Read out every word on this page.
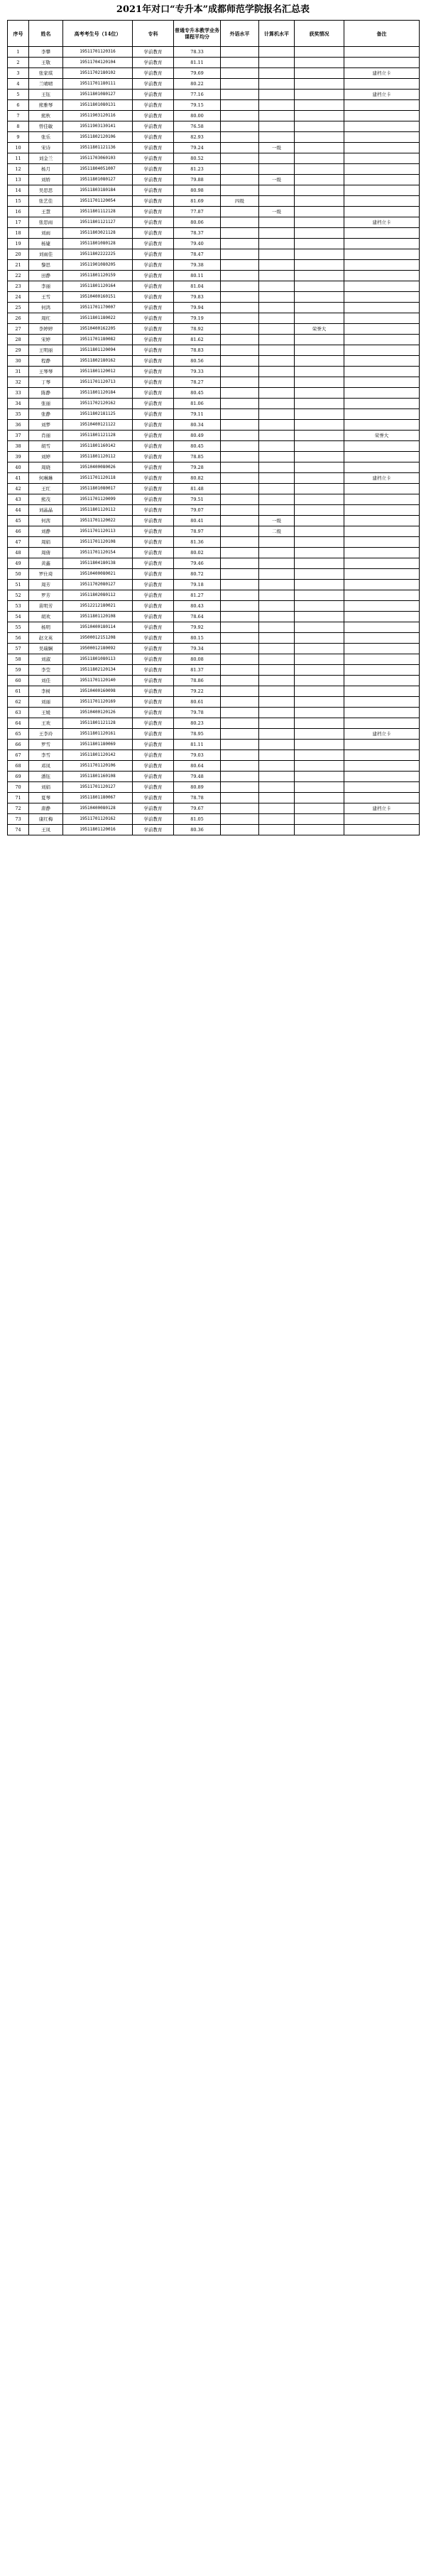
2021年对口“专升本”成都师范学院报名汇总表
序号	姓名	高考考生号（14位）	专科	普通专升本教学业务课程平均分	外语水平	计算机水平	获奖情况	备注
1	李攀	19511701120316	学前教育	78.33				
2	王敬	19511704120104	学前教育	81.11				
3	张家琪	19511702180102	学前教育	79.69				建档立卡
4	兰晴晴	19511701180111	学前教育	80.22				
5	王钰	19511801080127	学前教育	77.16				建档立卡
6	熊雅琴	19511801080131	学前教育	79.15				
7	熊秋	19511903120116	学前教育	80.00				
8	曾佳敏	19511903130141	学前教育	76.58				
9	张乐	19511802120106	学前教育	82.93				
10	宋诗	19511801121136	学前教育	79.24		一级		
11	刘金兰	19511703060103	学前教育	80.52				
12	杨月	19511804051007	学前教育	81.23				
13	刘娇	19511801080127	学前教育	79.88		一级		
14	吴思思	19511803180184	学前教育	80.98				
15	张艺佳	19511701120054	学前教育	81.69	四级			
16	王慧	19511801112128	学前教育	77.87		一级		
17	张思雨	19511801121127	学前教育	80.06				建档立卡
18	刘雨	19511803021128	学前教育	78.37				
19	杨婕	19511801080128	学前教育	79.40				
20	刘雨佳	19511802222225	学前教育	78.47				
21	黎思	19511901080205	学前教育	79.38				
22	田静	19511801120159	学前教育	80.11				
23	李丽	19511801120164	学前教育	81.04				
24	王雪	19510400160151	学前教育	79.83				
25	何鸿	19511701170007	学前教育	79.94				
26	周红	19511801180022	学前教育	79.19				
27	李婷婷	19510400162205	学前教育	78.92			荣誉大	
28	宋婷	19511701180082	学前教育	81.62				
29	王明丽	19511801120094	学前教育	78.83				
30	程静	19511802180162	学前教育	80.56				
31	王琴琴	19511801120012	学前教育	79.33				
32	丁琴	19511701120713	学前教育	78.27				
33	陈静	19511801120184	学前教育	80.45				
34	张丽	19511702120162	学前教育	81.06				
35	张静	19511802181125	学前教育	79.11				
36	刘梦	19510400121122	学前教育	80.34				
37	肖丽	19511801121128	学前教育	80.49				荣誉大
38	胡雪	19511801160142	学前教育	80.45				
39	刘婷	19511801120112	学前教育	78.85				
40	周晓	19510400080026	学前教育	79.28				
41	何琳琳	19511701120118	学前教育	80.82				建档立卡
42	王红	19511801080017	学前教育	81.48				
43	熊茂	19511701120099	学前教育	79.51				
44	刘晶晶	19511801120112	学前教育	79.07				
45	何茜	19511701120022	学前教育	80.41		一级		
46	刘静	19511701120113	学前教育	78.97		二级		
47	周娟	19511701120108	学前教育	81.36				
48	周倩	19511701120154	学前教育	80.02				
49	黄鑫	19511804180138	学前教育	79.46				
50	罗仕琦	19510400080021	学前教育	80.72				
51	周芳	19511702080127	学前教育	79.18				
52	罗芳	19511802080112	学前教育	81.27				
53	苗明芳	19512212180021	学前教育	80.43				
54	胡欢	19511801120108	学前教育	78.64				
55	杨明	19510400180114	学前教育	79.92				
56	赵文英	19500012151208	学前教育	80.15				
57	吴瑞娴	19500012180092	学前教育	79.34				
58	刘淑	19511801080113	学前教育	80.08				
59	李莹	19511802120134	学前教育	81.37				
60	刘佳	19511701120140	学前教育	78.86				
61	李树	19510400160098	学前教育	79.22				
62	刘丽	19511701120169	学前教育	80.61				
63	王媛	19510400120126	学前教育	79.78				
64	王欢	19511801121128	学前教育	80.23				
65	王李玲	19511801120161	学前教育	78.95				建档立卡
66	罗雪	19511801180069	学前教育	81.11				
67	李雪	19511801120142	学前教育	79.03				
68	邓凤	19511701120106	学前教育	80.64				
69	潘钰	19511801160108	学前教育	79.48				
70	刘娟	19511701120127	学前教育	80.89				
71	夏琴	19511801180067	学前教育	78.78				
72	唐静	19510400080128	学前教育	79.67				建档立卡
73	康红梅	19511701120162	学前教育	81.05				
74	王凤	19511801120016	学前教育	80.36				
